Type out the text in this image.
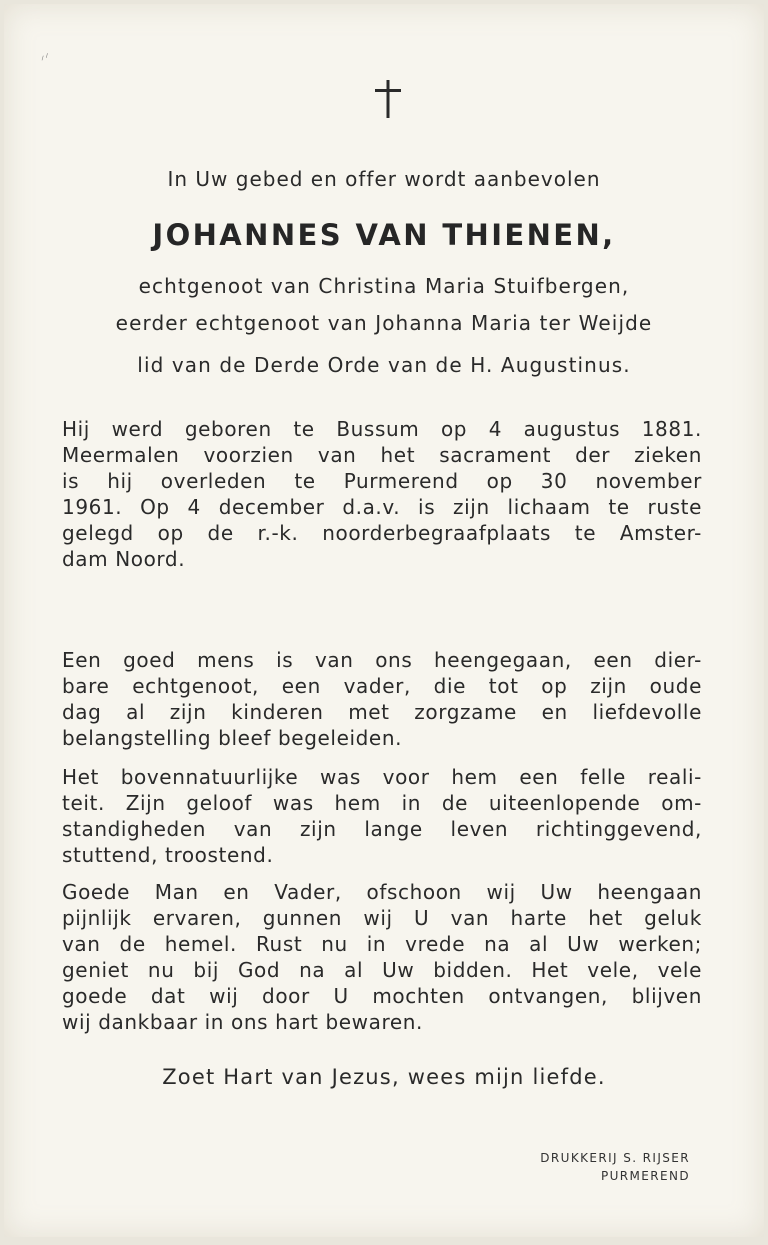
⸝⸝
In Uw gebed en offer wordt aanbevolen
JOHANNES VAN THIENEN,
echtgenoot van Christina Maria Stuifbergen,
eerder echtgenoot van Johanna Maria ter Weijde
lid van de Derde Orde van de H. Augustinus.
Hij werd geboren te Bussum op 4 augustus 1881.
Meermalen voorzien van het sacrament der zieken
is hij overleden te Purmerend op 30 november
1961. Op 4 december d.a.v. is zijn lichaam te ruste
gelegd op de r.-k. noorderbegraafplaats te Amster-
dam Noord.
Een goed mens is van ons heengegaan, een dier-
bare echtgenoot, een vader, die tot op zijn oude
dag al zijn kinderen met zorgzame en liefdevolle
belangstelling bleef begeleiden.
Het bovennatuurlijke was voor hem een felle reali-
teit. Zijn geloof was hem in de uiteenlopende om-
standigheden van zijn lange leven richtinggevend,
stuttend, troostend.
Goede Man en Vader, ofschoon wij Uw heengaan
pijnlijk ervaren, gunnen wij U van harte het geluk
van de hemel. Rust nu in vrede na al Uw werken;
geniet nu bij God na al Uw bidden. Het vele, vele
goede dat wij door U mochten ontvangen, blijven
wij dankbaar in ons hart bewaren.
Zoet Hart van Jezus, wees mijn liefde.
DRUKKERIJ S. RIJSER
PURMEREND
